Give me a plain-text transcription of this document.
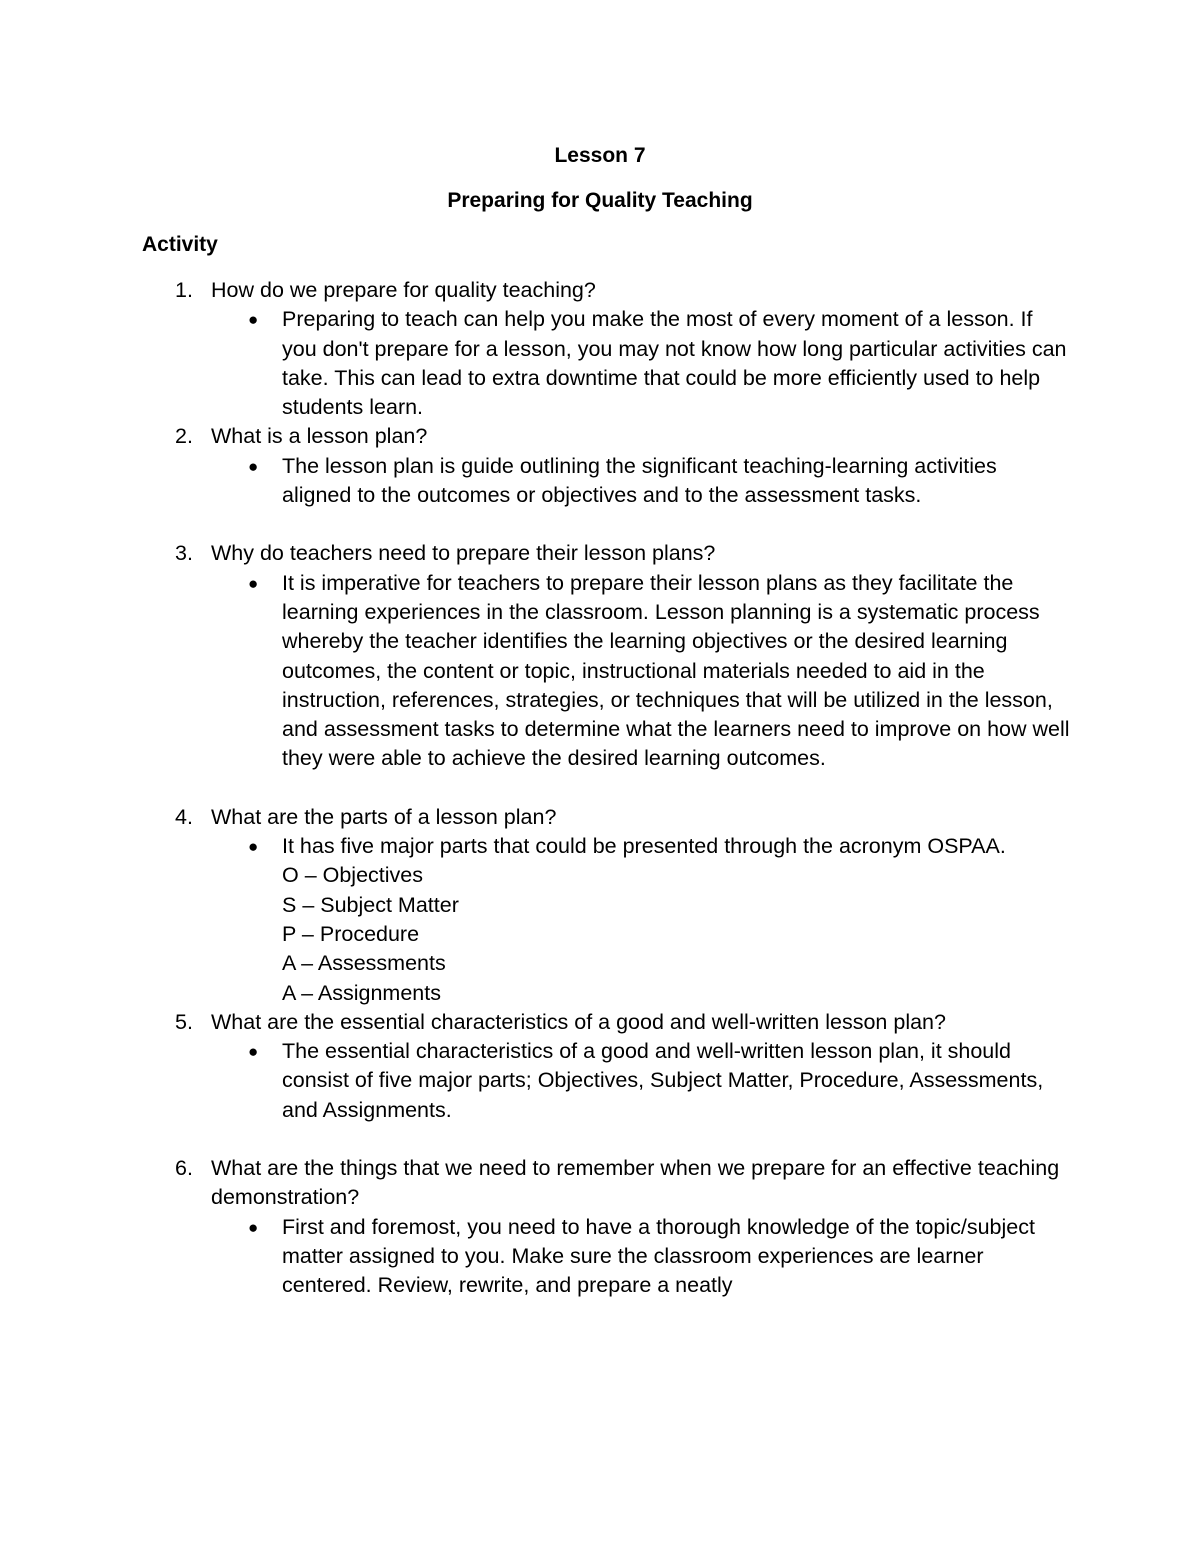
Lesson 7
Preparing for Quality Teaching
Activity
1. How do we prepare for quality teaching?
● Preparing to teach can help you make the most of every moment of a lesson. If you don't prepare for a lesson, you may not know how long particular activities can take. This can lead to extra downtime that could be more efficiently used to help students learn.
2. What is a lesson plan?
● The lesson plan is guide outlining the significant teaching-learning activities aligned to the outcomes or objectives and to the assessment tasks.
3. Why do teachers need to prepare their lesson plans?
● It is imperative for teachers to prepare their lesson plans as they facilitate the learning experiences in the classroom. Lesson planning is a systematic process whereby the teacher identifies the learning objectives or the desired learning outcomes, the content or topic, instructional materials needed to aid in the instruction, references, strategies, or techniques that will be utilized in the lesson, and assessment tasks to determine what the learners need to improve on how well they were able to achieve the desired learning outcomes.
4. What are the parts of a lesson plan?
● It has five major parts that could be presented through the acronym OSPAA.
O – Objectives
S – Subject Matter
P – Procedure
A – Assessments
A – Assignments
5. What are the essential characteristics of a good and well-written lesson plan?
● The essential characteristics of a good and well-written lesson plan, it should consist of five major parts; Objectives, Subject Matter, Procedure, Assessments, and Assignments.
6. What are the things that we need to remember when we prepare for an effective teaching demonstration?
● First and foremost, you need to have a thorough knowledge of the topic/subject matter assigned to you. Make sure the classroom experiences are learner centered. Review, rewrite, and prepare a neatly
